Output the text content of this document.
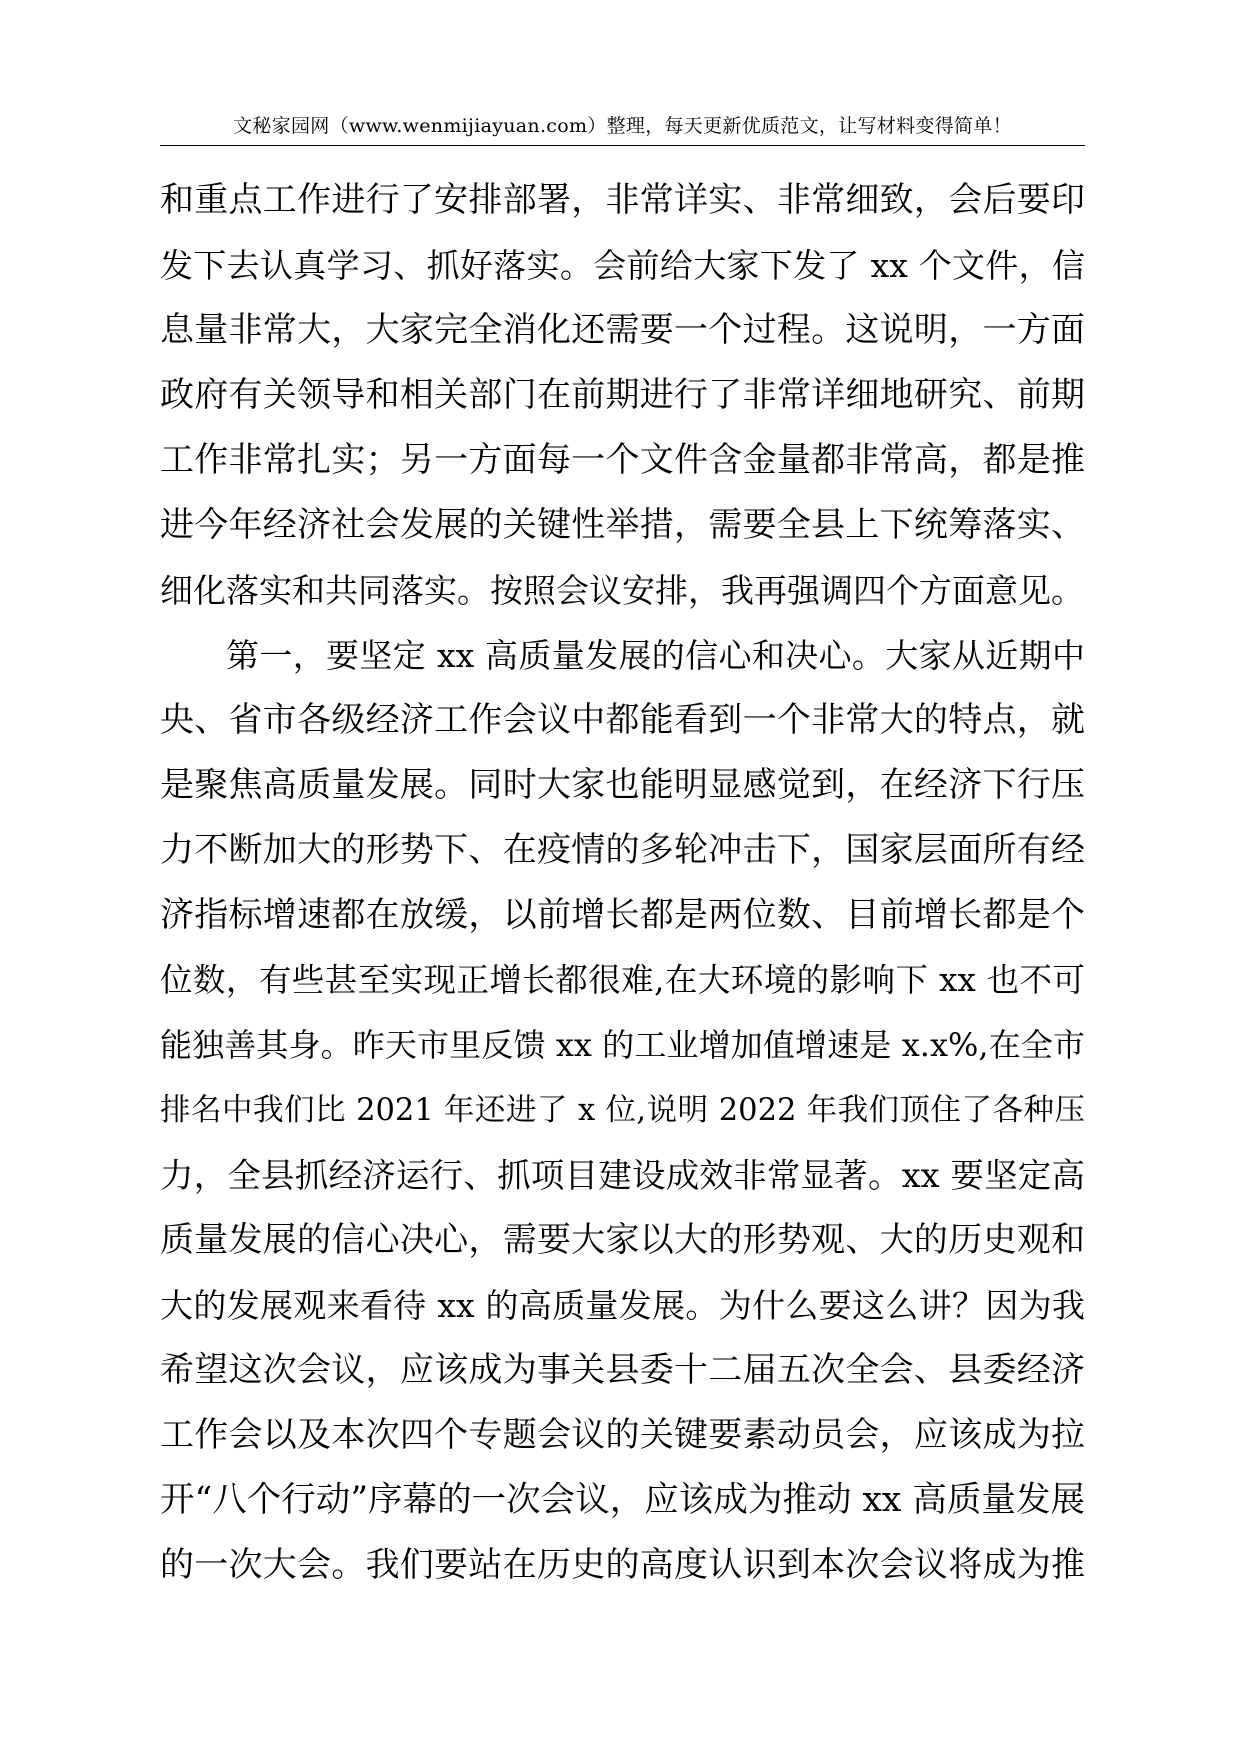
文秘家园网（www.wenmijiayuan.com）整理，每天更新优质范文，让写材料变得简单！
和重点工作进行了安排部署，非常详实、非常细致，会后要印
发下去认真学习、抓好落实。会前给大家下发了 xx 个文件，信
息量非常大，大家完全消化还需要一个过程。这说明，一方面
政府有关领导和相关部门在前期进行了非常详细地研究、前期
工作非常扎实；另一方面每一个文件含金量都非常高，都是推
进今年经济社会发展的关键性举措，需要全县上下统筹落实、
细化落实和共同落实。按照会议安排，我再强调四个方面意见。
第一，要坚定 xx 高质量发展的信心和决心。大家从近期中
央、省市各级经济工作会议中都能看到一个非常大的特点，就
是聚焦高质量发展。同时大家也能明显感觉到，在经济下行压
力不断加大的形势下、在疫情的多轮冲击下，国家层面所有经
济指标增速都在放缓，以前增长都是两位数、目前增长都是个
位数，有些甚至实现正增长都很难,在大环境的影响下 xx 也不可
能独善其身。昨天市里反馈 xx 的工业增加值增速是 x.x%,在全市
排名中我们比 2021 年还进了 x 位,说明 2022 年我们顶住了各种压
力，全县抓经济运行、抓项目建设成效非常显著。xx 要坚定高
质量发展的信心决心，需要大家以大的形势观、大的历史观和
大的发展观来看待 xx 的高质量发展。为什么要这么讲？因为我
希望这次会议，应该成为事关县委十二届五次全会、县委经济
工作会以及本次四个专题会议的关键要素动员会，应该成为拉
开“八个行动”序幕的一次会议，应该成为推动 xx 高质量发展
的一次大会。我们要站在历史的高度认识到本次会议将成为推
